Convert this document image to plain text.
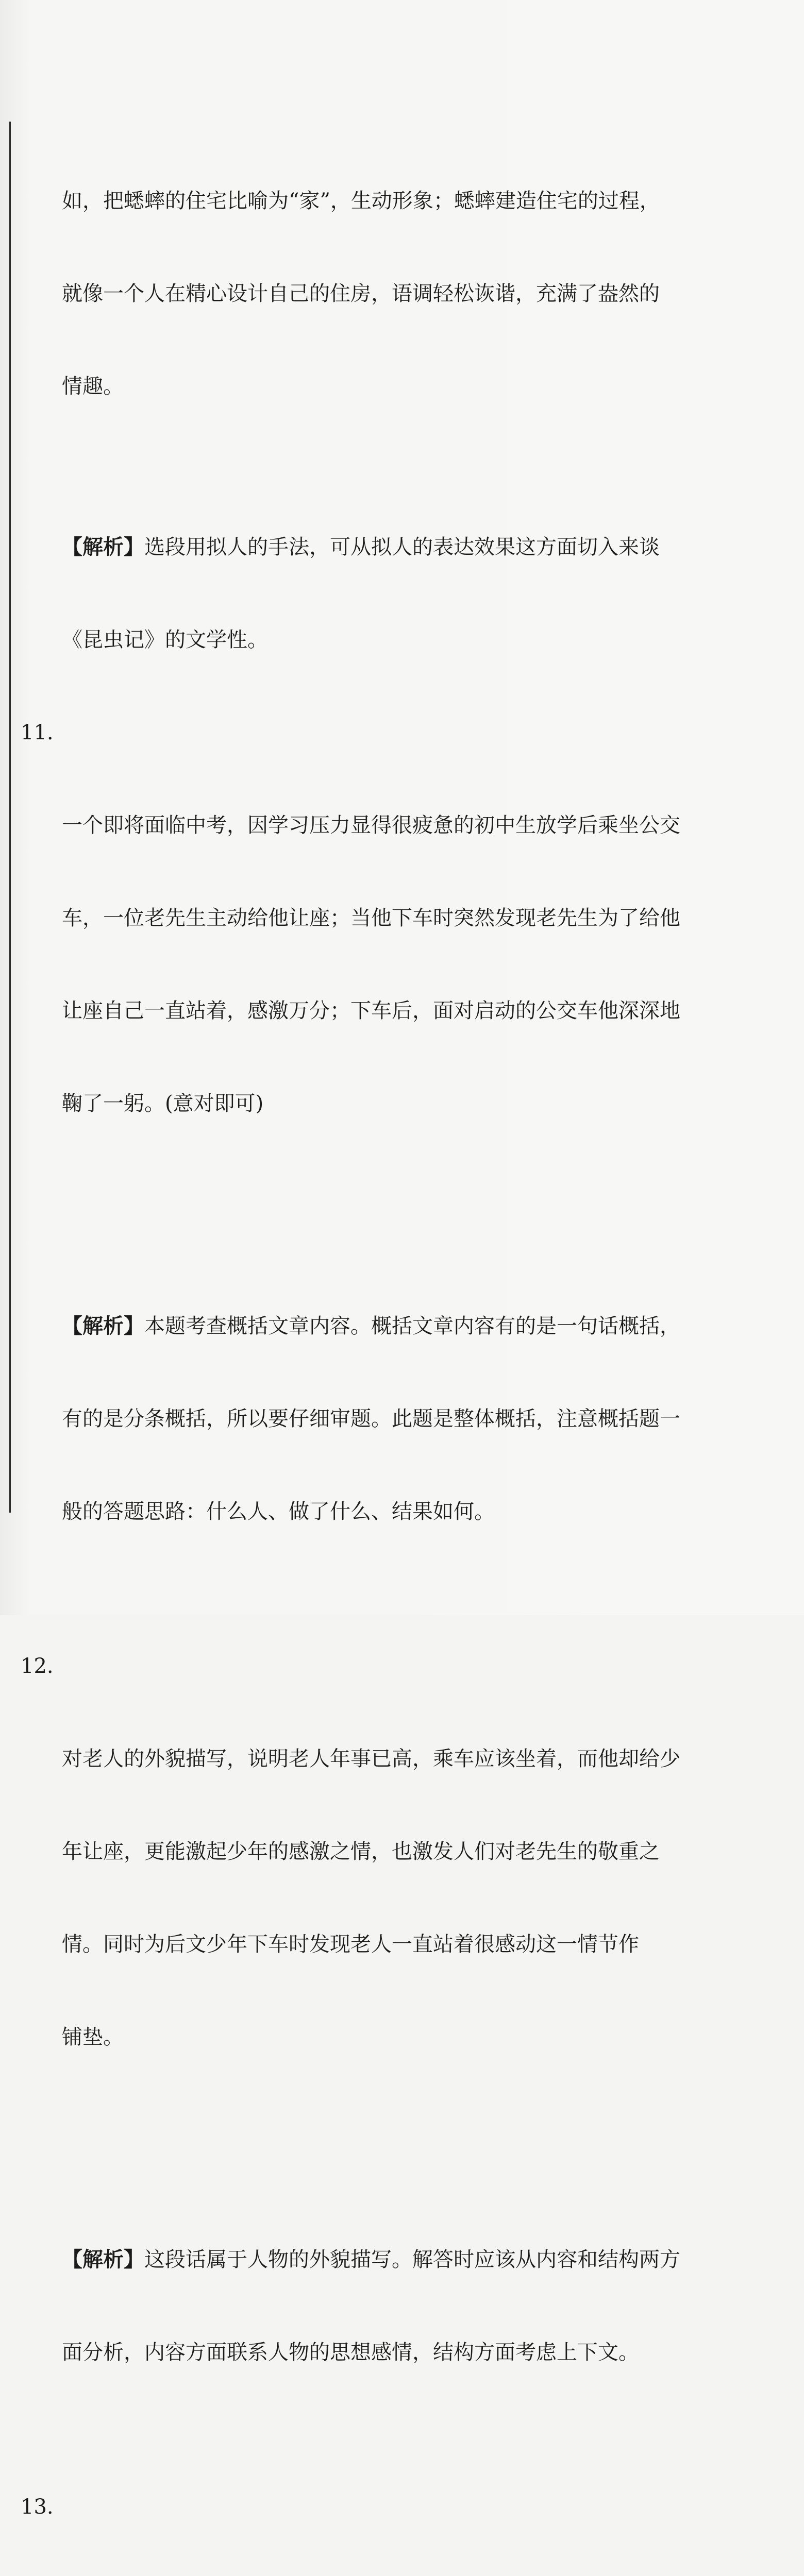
如，把蟋蟀的住宅比喻为“家”，生动形象；蟋蟀建造住宅的过程，

就像一个人在精心设计自己的住房，语调轻松诙谐，充满了盎然的

情趣。

【解析】选段用拟人的手法，可从拟人的表达效果这方面切入来谈

《昆虫记》的文学性。

11.

一个即将面临中考，因学习压力显得很疲惫的初中生放学后乘坐公交

车，一位老先生主动给他让座；当他下车时突然发现老先生为了给他

让座自己一直站着，感激万分；下车后，面对启动的公交车他深深地

鞠了一躬。(意对即可)

【解析】本题考查概括文章内容。概括文章内容有的是一句话概括，

有的是分条概括，所以要仔细审题。此题是整体概括，注意概括题一

般的答题思路：什么人、做了什么、结果如何。

12.

对老人的外貌描写，说明老人年事已高，乘车应该坐着，而他却给少

年让座，更能激起少年的感激之情，也激发人们对老先生的敬重之

情。同时为后文少年下车时发现老人一直站着很感动这一情节作

铺垫。

【解析】这段话属于人物的外貌描写。解答时应该从内容和结构两方

面分析，内容方面联系人物的思想感情，结构方面考虑上下文。

13.
